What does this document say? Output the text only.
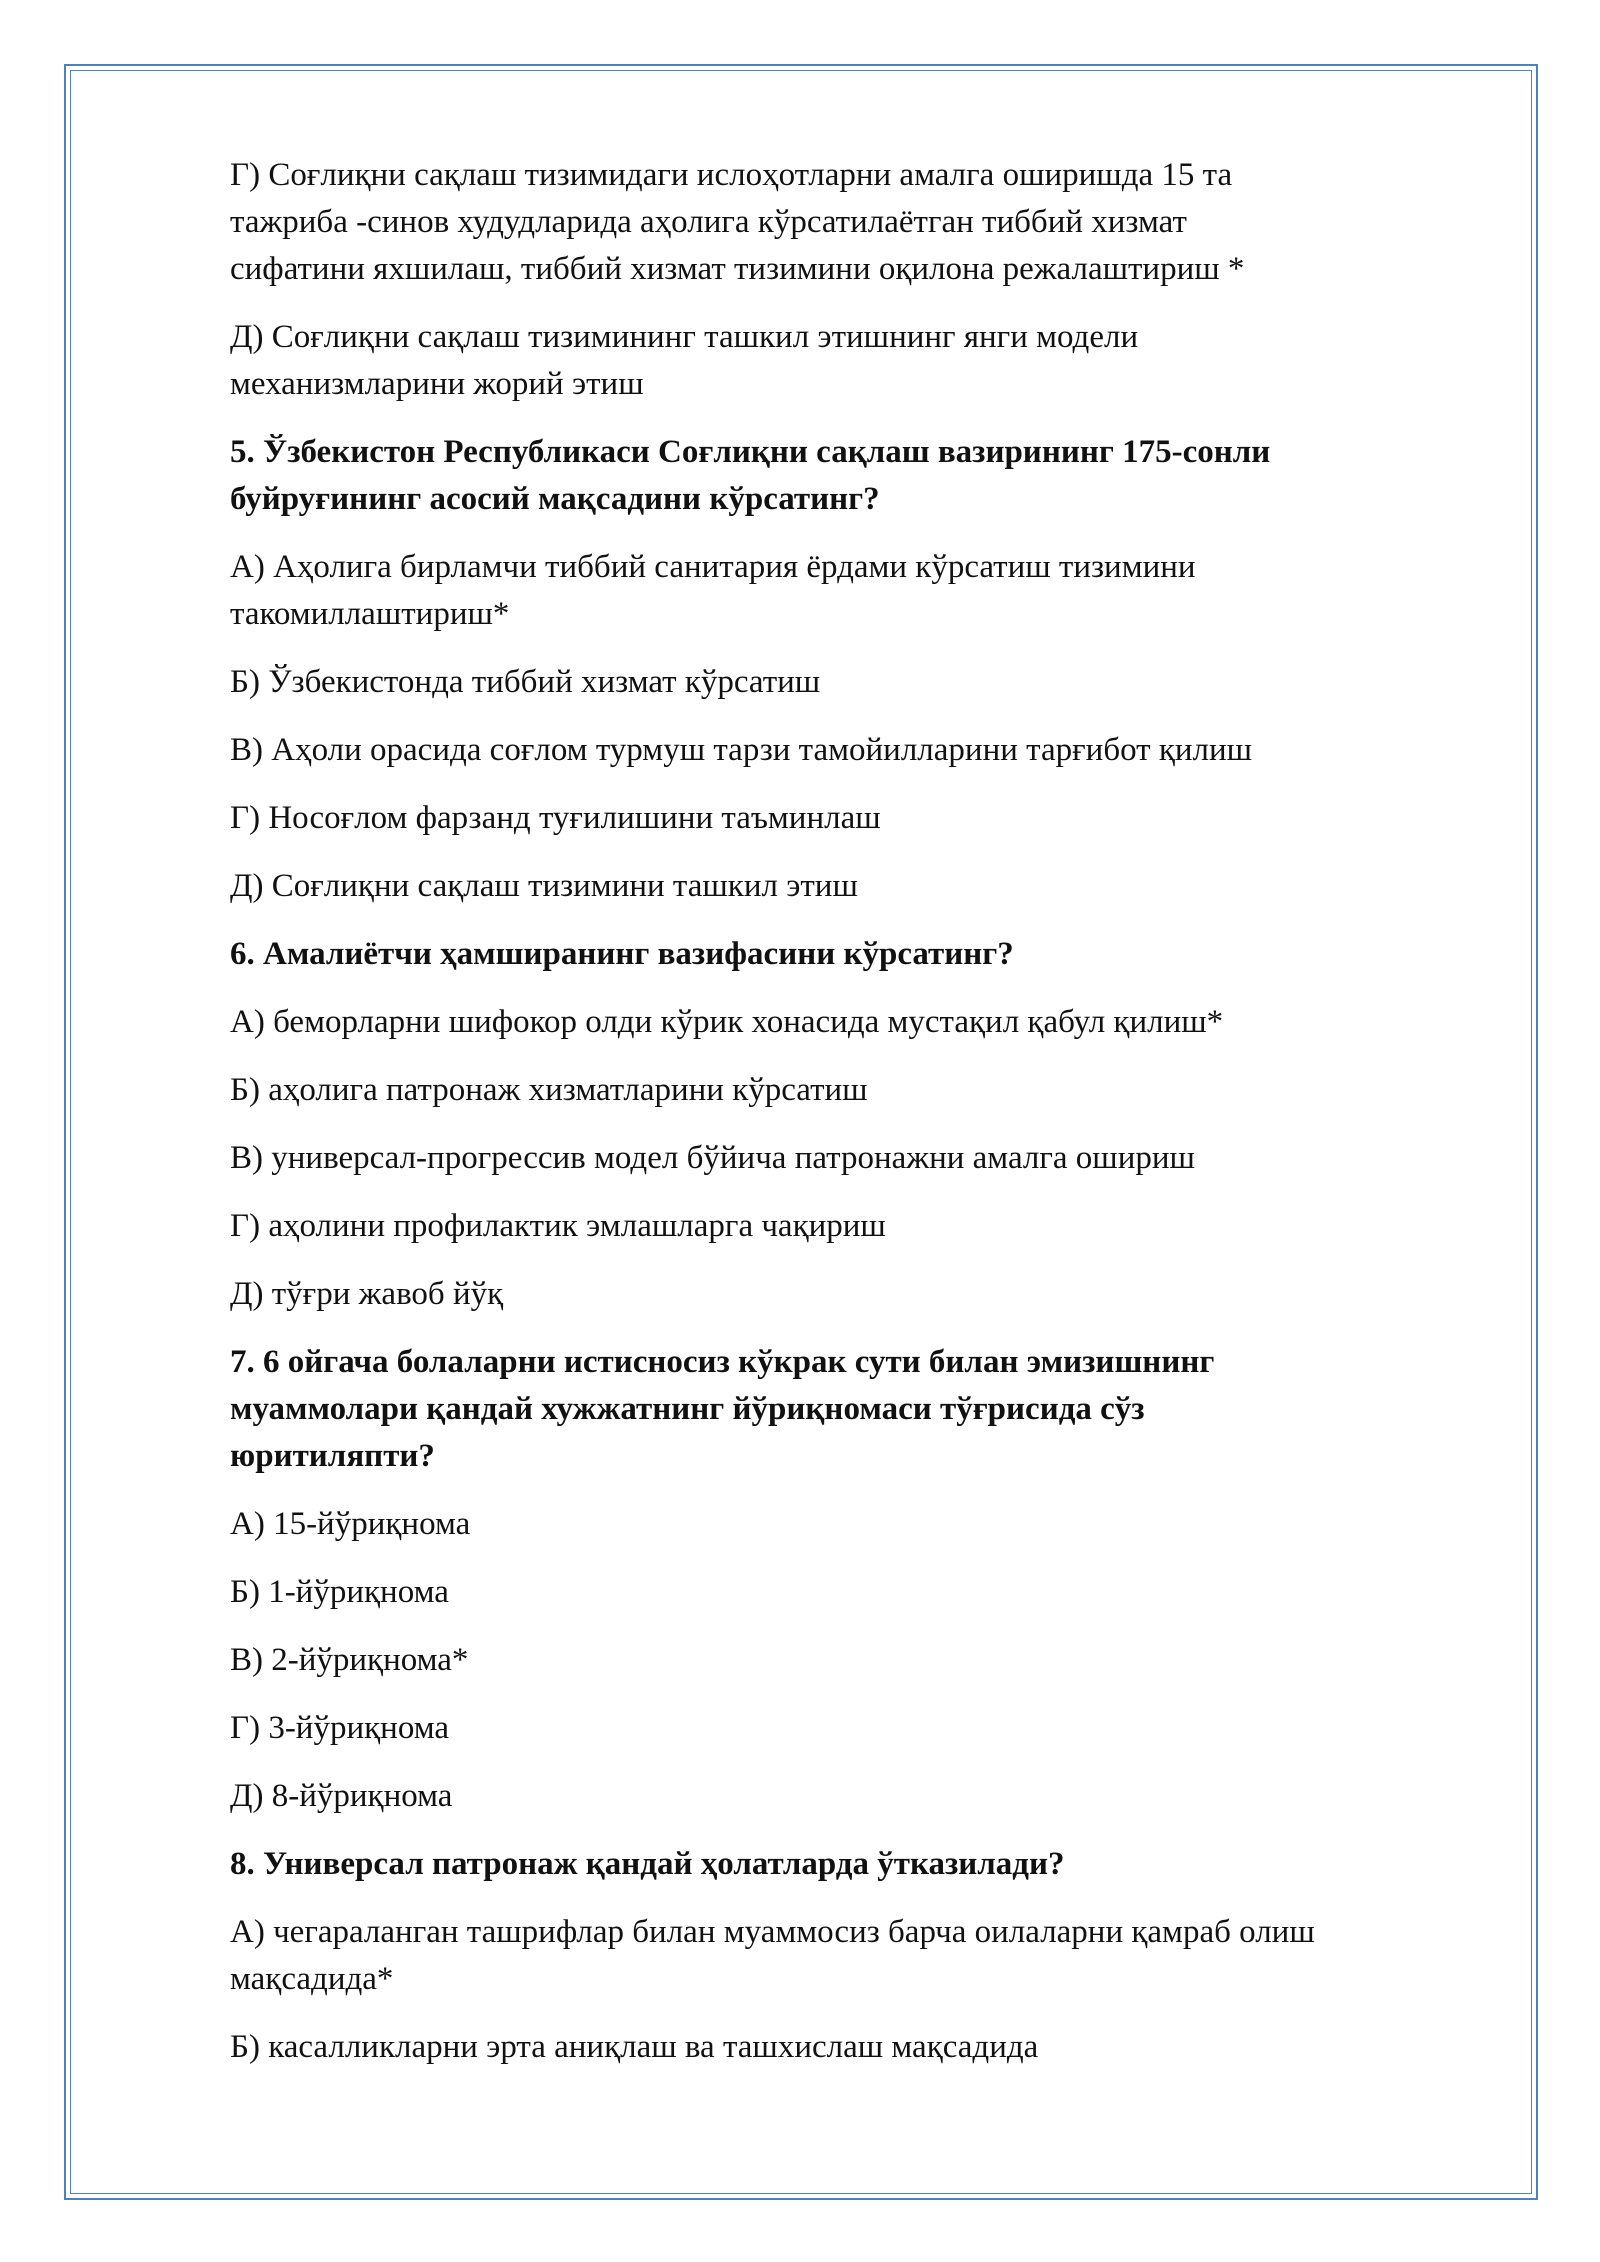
Г) Соғлиқни сақлаш тизимидаги ислоҳотларни амалга оширишда 15 та
тажриба -синов худудларида аҳолига кўрсатилаётган тиббий хизмат
сифатини яхшилаш, тиббий хизмат тизимини оқилона режалаштириш *
Д) Соғлиқни сақлаш тизимининг ташкил этишнинг янги модели
механизмларини жорий этиш
5. Ўзбекистон Республикаси Соғлиқни сақлаш вазирининг 175-сонли
буйруғининг асосий мақсадини кўрсатинг?
А) Аҳолига бирламчи тиббий санитария ёрдами кўрсатиш тизимини
такомиллаштириш*
Б) Ўзбекистонда тиббий хизмат кўрсатиш
В) Аҳоли орасида соғлом турмуш тарзи тамойилларини тарғибот қилиш
Г) Носоғлом фарзанд туғилишини таъминлаш
Д) Соғлиқни сақлаш тизимини ташкил этиш
6. Амалиётчи ҳамширанинг вазифасини кўрсатинг?
А) беморларни шифокор олди кўрик хонасида мустақил қабул қилиш*
Б) аҳолига патронаж хизматларини кўрсатиш
В) универсал-прогрессив модел бўйича патронажни амалга ошириш
Г) аҳолини профилактик эмлашларга чақириш
Д) тўғри жавоб йўқ
7. 6 ойгача болаларни истисносиз кўкрак сути билан эмизишнинг
муаммолари қандай хужжатнинг йўриқномаси тўғрисида сўз
юритиляпти?
А) 15-йўриқнома
Б) 1-йўриқнома
В) 2-йўриқнома*
Г) 3-йўриқнома
Д) 8-йўриқнома
8. Универсал патронаж қандай ҳолатларда ўтказилади?
А) чегараланган ташрифлар билан муаммосиз барча оилаларни қамраб олиш
мақсадида*
Б) касалликларни эрта аниқлаш ва ташхислаш мақсадида
